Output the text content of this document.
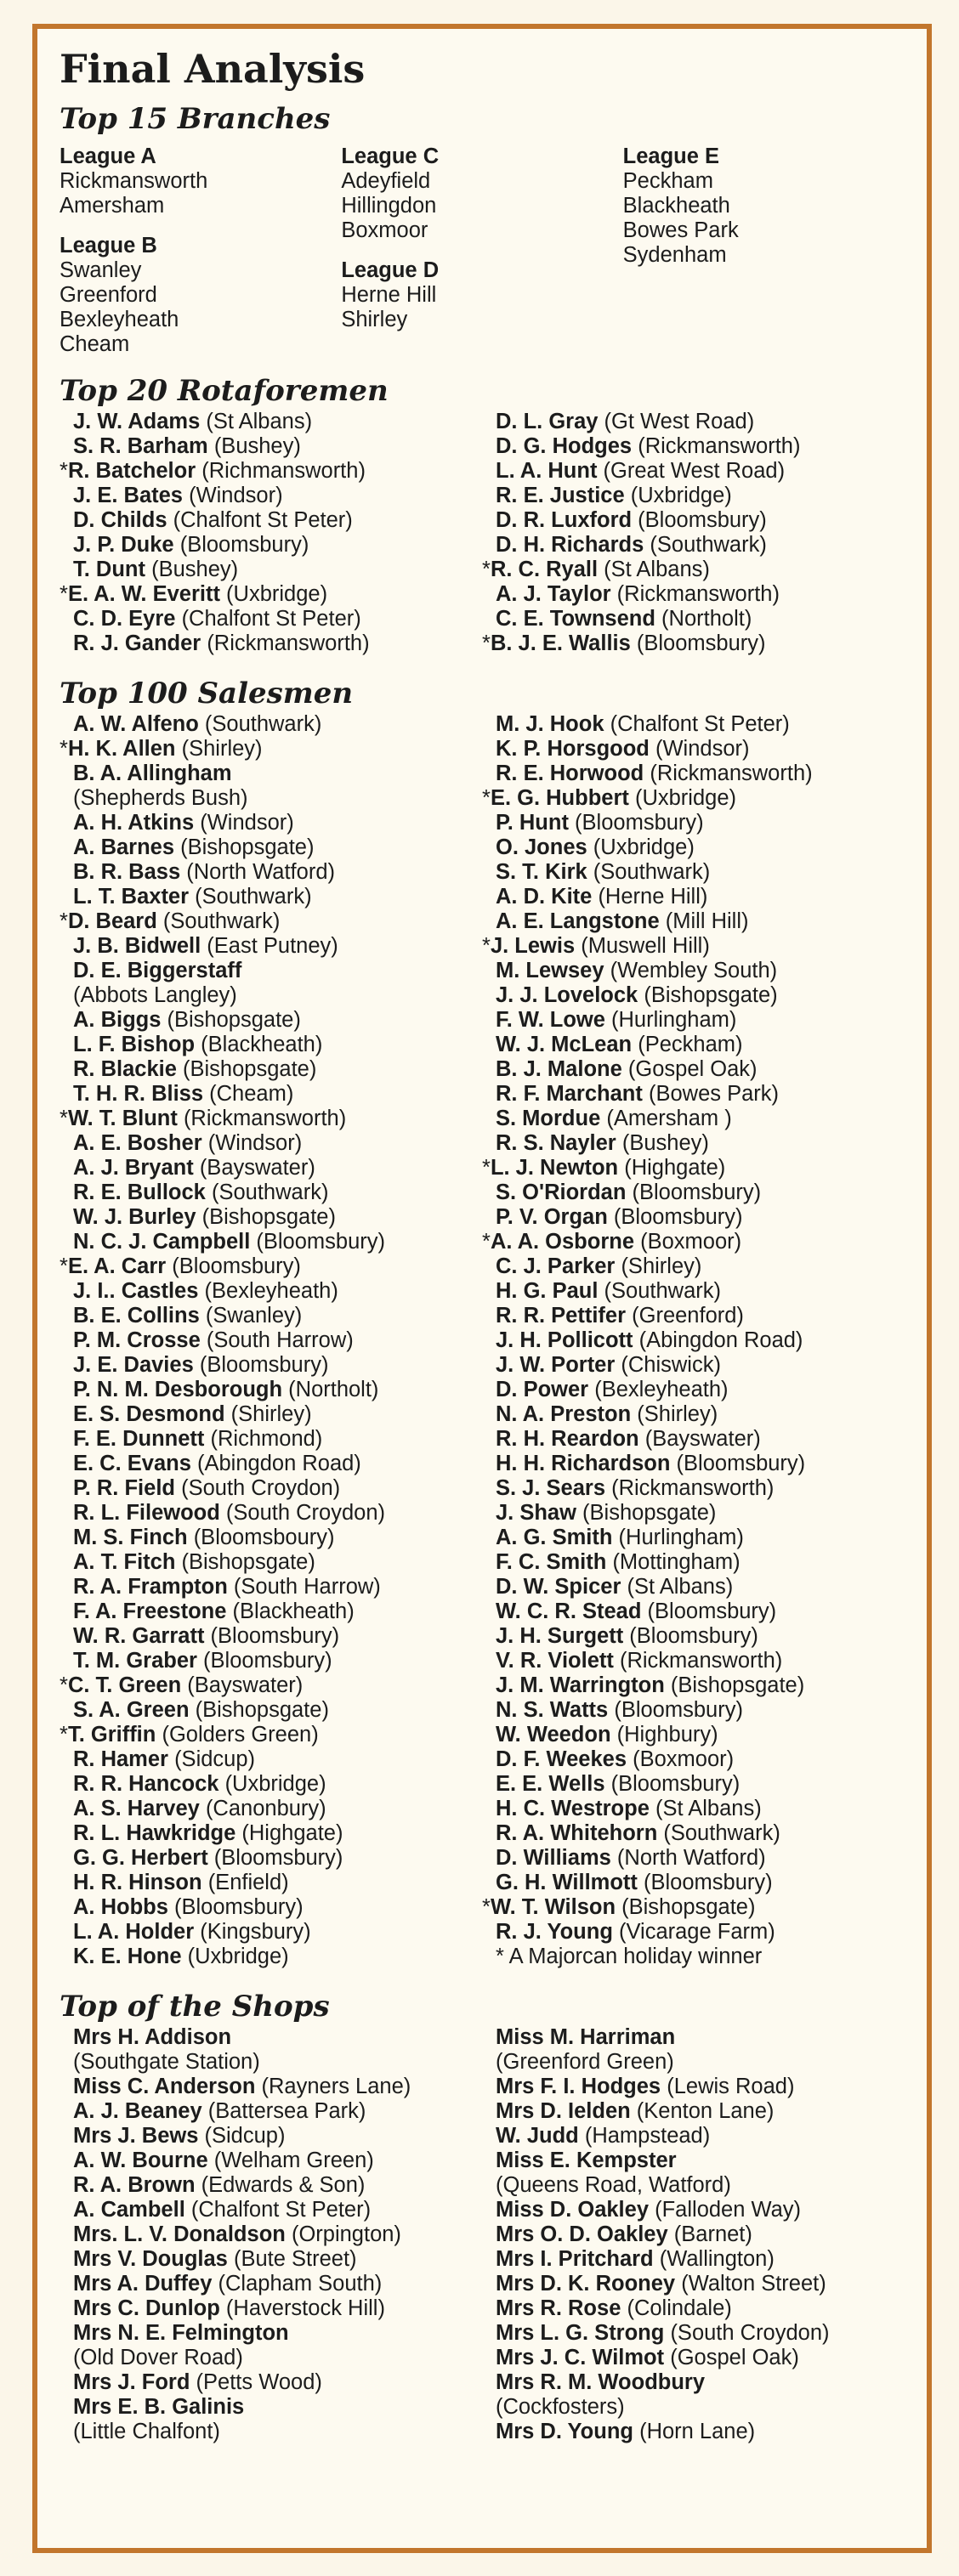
Final Analysis
Top 15 Branches
League A
Rickmansworth
Amersham
League B
Swanley
Greenford
Bexleyheath
Cheam
League C
Adeyfield
Hillingdon
Boxmoor
League D
Herne Hill
Shirley
League E
Peckham
Blackheath
Bowes Park
Sydenham
Top 20 Rotaforemen
J. W. Adams (St Albans)
S. R. Barham (Bushey)
*R. Batchelor (Richmansworth)
J. E. Bates (Windsor)
D. Childs (Chalfont St Peter)
J. P. Duke (Bloomsbury)
T. Dunt (Bushey)
*E. A. W. Everitt (Uxbridge)
C. D. Eyre (Chalfont St Peter)
R. J. Gander (Rickmansworth)
D. L. Gray (Gt West Road)
D. G. Hodges (Rickmansworth)
L. A. Hunt (Great West Road)
R. E. Justice (Uxbridge)
D. R. Luxford (Bloomsbury)
D. H. Richards (Southwark)
*R. C. Ryall (St Albans)
A. J. Taylor (Rickmansworth)
C. E. Townsend (Northolt)
*B. J. E. Wallis (Bloomsbury)
Top 100 Salesmen
A. W. Alfeno (Southwark)
*H. K. Allen (Shirley)
B. A. Allingham
(Shepherds Bush)
A. H. Atkins (Windsor)
A. Barnes (Bishopsgate)
B. R. Bass (North Watford)
L. T. Baxter (Southwark)
*D. Beard (Southwark)
J. B. Bidwell (East Putney)
D. E. Biggerstaff
(Abbots Langley)
A. Biggs (Bishopsgate)
L. F. Bishop (Blackheath)
R. Blackie (Bishopsgate)
T. H. R. Bliss (Cheam)
*W. T. Blunt (Rickmansworth)
A. E. Bosher (Windsor)
A. J. Bryant (Bayswater)
R. E. Bullock (Southwark)
W. J. Burley (Bishopsgate)
N. C. J. Campbell (Bloomsbury)
*E. A. Carr (Bloomsbury)
J. I.. Castles (Bexleyheath)
B. E. Collins (Swanley)
P. M. Crosse (South Harrow)
J. E. Davies (Bloomsbury)
P. N. M. Desborough (Northolt)
E. S. Desmond (Shirley)
F. E. Dunnett (Richmond)
E. C. Evans (Abingdon Road)
P. R. Field (South Croydon)
R. L. Filewood (South Croydon)
M. S. Finch (Bloomsboury)
A. T. Fitch (Bishopsgate)
R. A. Frampton (South Harrow)
F. A. Freestone (Blackheath)
W. R. Garratt (Bloomsbury)
T. M. Graber (Bloomsbury)
*C. T. Green (Bayswater)
S. A. Green (Bishopsgate)
*T. Griffin (Golders Green)
R. Hamer (Sidcup)
R. R. Hancock (Uxbridge)
A. S. Harvey (Canonbury)
R. L. Hawkridge (Highgate)
G. G. Herbert (Bloomsbury)
H. R. Hinson (Enfield)
A. Hobbs (Bloomsbury)
L. A. Holder (Kingsbury)
K. E. Hone (Uxbridge)
M. J. Hook (Chalfont St Peter)
K. P. Horsgood (Windsor)
R. E. Horwood (Rickmansworth)
*E. G. Hubbert (Uxbridge)
P. Hunt (Bloomsbury)
O. Jones (Uxbridge)
S. T. Kirk (Southwark)
A. D. Kite (Herne Hill)
A. E. Langstone (Mill Hill)
*J. Lewis (Muswell Hill)
M. Lewsey (Wembley South)
J. J. Lovelock (Bishopsgate)
F. W. Lowe (Hurlingham)
W. J. McLean (Peckham)
B. J. Malone (Gospel Oak)
R. F. Marchant (Bowes Park)
S. Mordue (Amersham )
R. S. Nayler (Bushey)
*L. J. Newton (Highgate)
S. O'Riordan (Bloomsbury)
P. V. Organ (Bloomsbury)
*A. A. Osborne (Boxmoor)
C. J. Parker (Shirley)
H. G. Paul (Southwark)
R. R. Pettifer (Greenford)
J. H. Pollicott (Abingdon Road)
J. W. Porter (Chiswick)
D. Power (Bexleyheath)
N. A. Preston (Shirley)
R. H. Reardon (Bayswater)
H. H. Richardson (Bloomsbury)
S. J. Sears (Rickmansworth)
J. Shaw (Bishopsgate)
A. G. Smith (Hurlingham)
F. C. Smith (Mottingham)
D. W. Spicer (St Albans)
W. C. R. Stead (Bloomsbury)
J. H. Surgett (Bloomsbury)
V. R. Violett (Rickmansworth)
J. M. Warrington (Bishopsgate)
N. S. Watts (Bloomsbury)
W. Weedon (Highbury)
D. F. Weekes (Boxmoor)
E. E. Wells (Bloomsbury)
H. C. Westrope (St Albans)
R. A. Whitehorn (Southwark)
D. Williams (North Watford)
G. H. Willmott (Bloomsbury)
*W. T. Wilson (Bishopsgate)
R. J. Young (Vicarage Farm)
* A Majorcan holiday winner
Top of the Shops
Mrs H. Addison
(Southgate Station)
Miss C. Anderson (Rayners Lane)
A. J. Beaney (Battersea Park)
Mrs J. Bews (Sidcup)
A. W. Bourne (Welham Green)
R. A. Brown (Edwards & Son)
A. Cambell (Chalfont St Peter)
Mrs. L. V. Donaldson (Orpington)
Mrs V. Douglas (Bute Street)
Mrs A. Duffey (Clapham South)
Mrs C. Dunlop (Haverstock Hill)
Mrs N. E. Felmington
(Old Dover Road)
Mrs J. Ford (Petts Wood)
Mrs E. B. Galinis
(Little Chalfont)
Miss M. Harriman
(Greenford Green)
Mrs F. I. Hodges (Lewis Road)
Mrs D. Ielden (Kenton Lane)
W. Judd (Hampstead)
Miss E. Kempster
(Queens Road, Watford)
Miss D. Oakley (Falloden Way)
Mrs O. D. Oakley (Barnet)
Mrs I. Pritchard (Wallington)
Mrs D. K. Rooney (Walton Street)
Mrs R. Rose (Colindale)
Mrs L. G. Strong (South Croydon)
Mrs J. C. Wilmot (Gospel Oak)
Mrs R. M. Woodbury
(Cockfosters)
Mrs D. Young (Horn Lane)
